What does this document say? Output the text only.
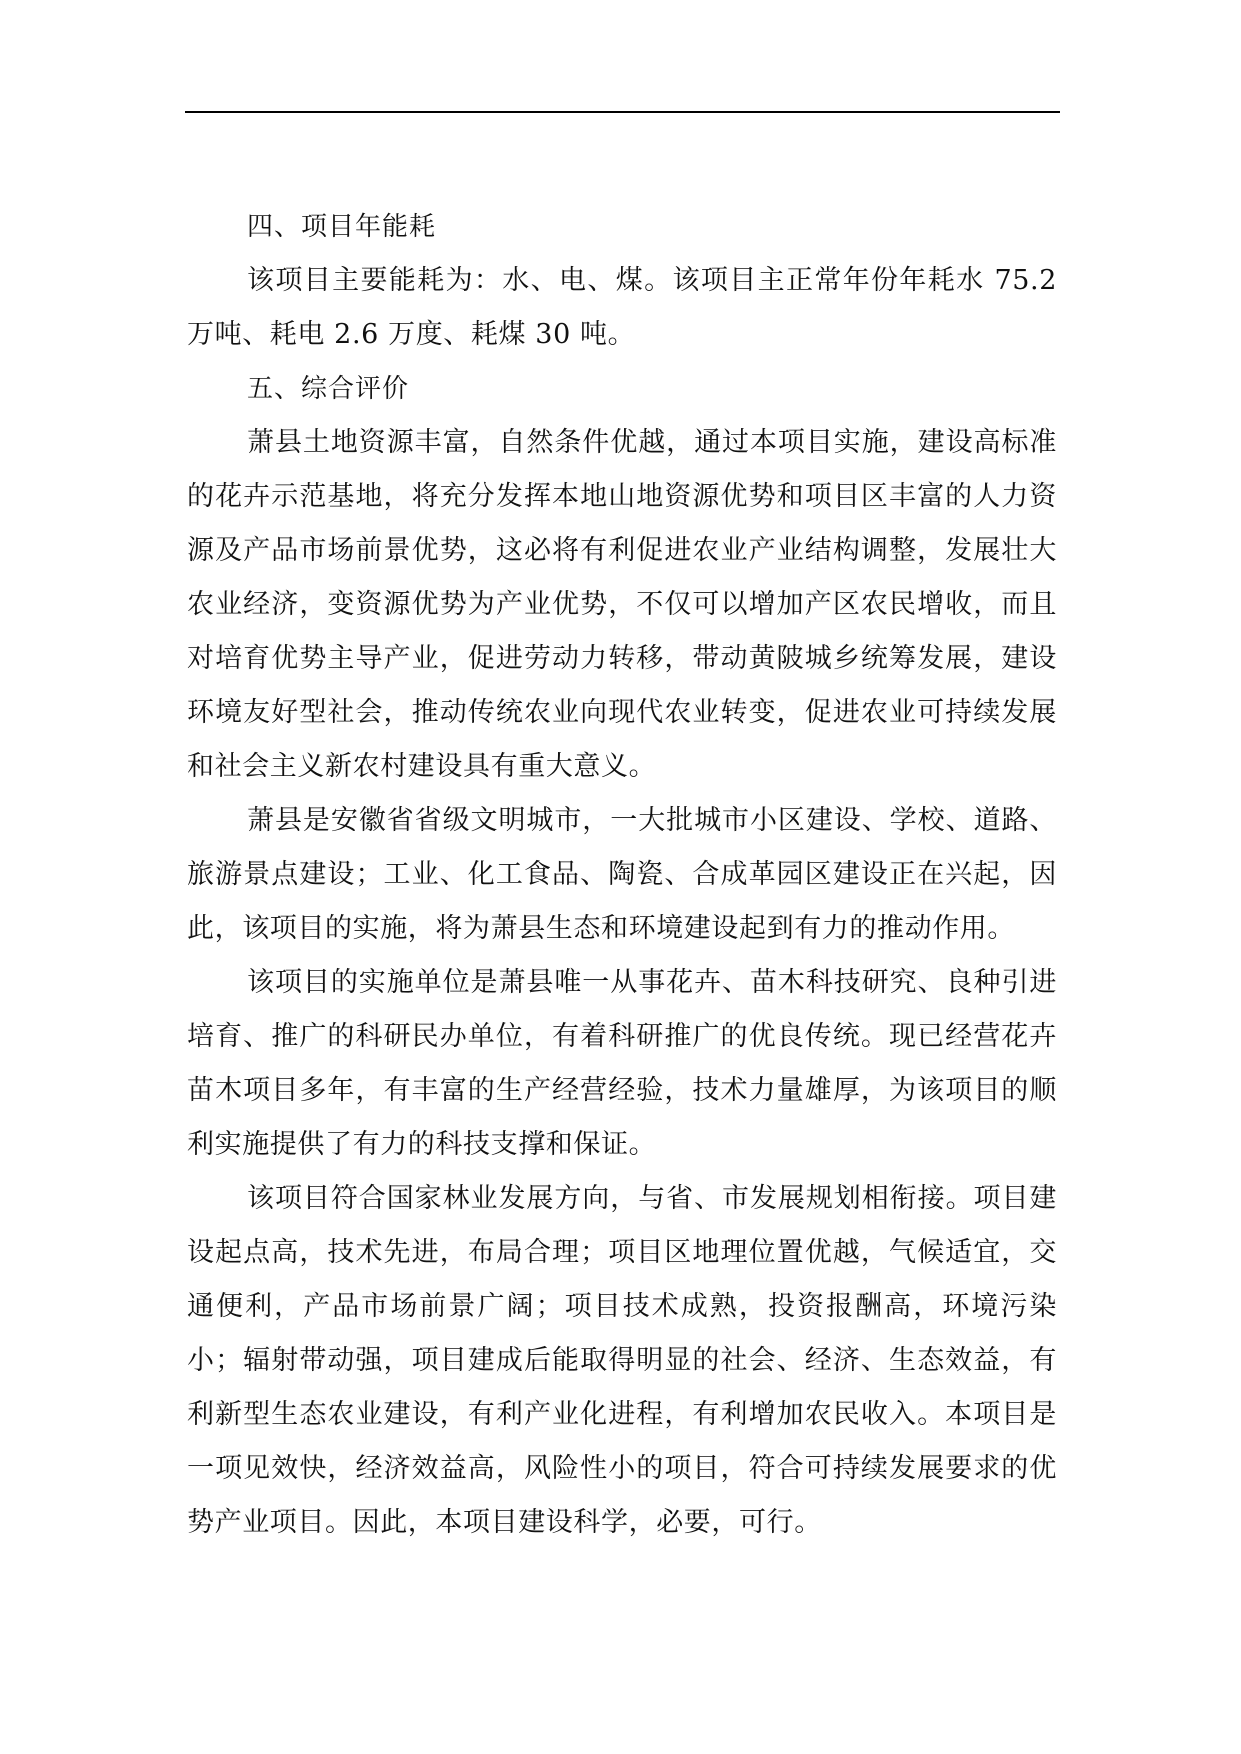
四、项目年能耗

该项目主要能耗为：水、电、煤。该项目主正常年份年耗水 75.2 万吨、耗电 2.6 万度、耗煤 30 吨。

五、综合评价

萧县土地资源丰富，自然条件优越，通过本项目实施，建设高标准的花卉示范基地，将充分发挥本地山地资源优势和项目区丰富的人力资源及产品市场前景优势，这必将有利促进农业产业结构调整，发展壮大农业经济，变资源优势为产业优势，不仅可以增加产区农民增收，而且对培育优势主导产业，促进劳动力转移，带动黄陂城乡统筹发展，建设环境友好型社会，推动传统农业向现代农业转变，促进农业可持续发展和社会主义新农村建设具有重大意义。

萧县是安徽省省级文明城市，一大批城市小区建设、学校、道路、旅游景点建设；工业、化工食品、陶瓷、合成革园区建设正在兴起，因此，该项目的实施，将为萧县生态和环境建设起到有力的推动作用。

该项目的实施单位是萧县唯一从事花卉、苗木科技研究、良种引进培育、推广的科研民办单位，有着科研推广的优良传统。现已经营花卉苗木项目多年，有丰富的生产经营经验，技术力量雄厚，为该项目的顺利实施提供了有力的科技支撑和保证。

该项目符合国家林业发展方向，与省、市发展规划相衔接。项目建设起点高，技术先进，布局合理；项目区地理位置优越，气候适宜，交通便利，产品市场前景广阔；项目技术成熟，投资报酬高，环境污染小；辐射带动强，项目建成后能取得明显的社会、经济、生态效益，有利新型生态农业建设，有利产业化进程，有利增加农民收入。本项目是一项见效快，经济效益高，风险性小的项目，符合可持续发展要求的优势产业项目。因此，本项目建设科学，必要，可行。
